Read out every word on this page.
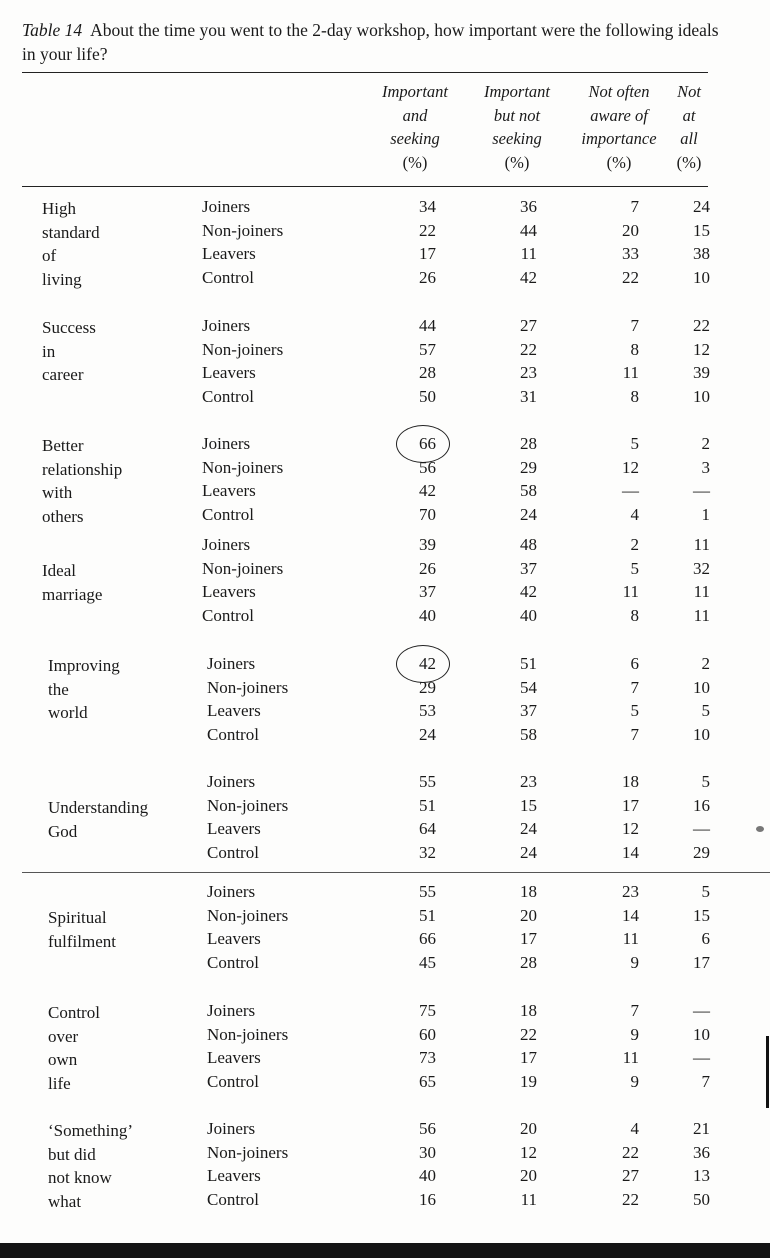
Table 14 About the time you went to the 2-day workshop, how important were the following ideals in your life?
Important
and
seeking
(%)
Important
but not
seeking
(%)
Not often
aware of
importance
(%)
Not
at
all
(%)
High
standard
of
living
Joiners	34	36	7	24
Non-joiners	22	44	20	15
Leavers	17	11	33	38
Control	26	42	22	10
Success
in
career
Joiners	44	27	7	22
Non-joiners	57	22	8	12
Leavers	28	23	11	39
Control	50	31	8	10
Better
relationship
with
others
Joiners	66	28	5	2
Non-joiners	56	29	12	3
Leavers	42	58	—	—
Control	70	24	4	1
Ideal
marriage
Joiners	39	48	2	11
Non-joiners	26	37	5	32
Leavers	37	42	11	11
Control	40	40	8	11
Improving
the
world
Joiners	42	51	6	2
Non-joiners	29	54	7	10
Leavers	53	37	5	5
Control	24	58	7	10
Understanding
God
Joiners	55	23	18	5
Non-joiners	51	15	17	16
Leavers	64	24	12	—
Control	32	24	14	29
Spiritual
fulfilment
Joiners	55	18	23	5
Non-joiners	51	20	14	15
Leavers	66	17	11	6
Control	45	28	9	17
Control
over
own
life
Joiners	75	18	7	—
Non-joiners	60	22	9	10
Leavers	73	17	11	—
Control	65	19	9	7
‘Something’
but did
not know
what
Joiners	56	20	4	21
Non-joiners	30	12	22	36
Leavers	40	20	27	13
Control	16	11	22	50
